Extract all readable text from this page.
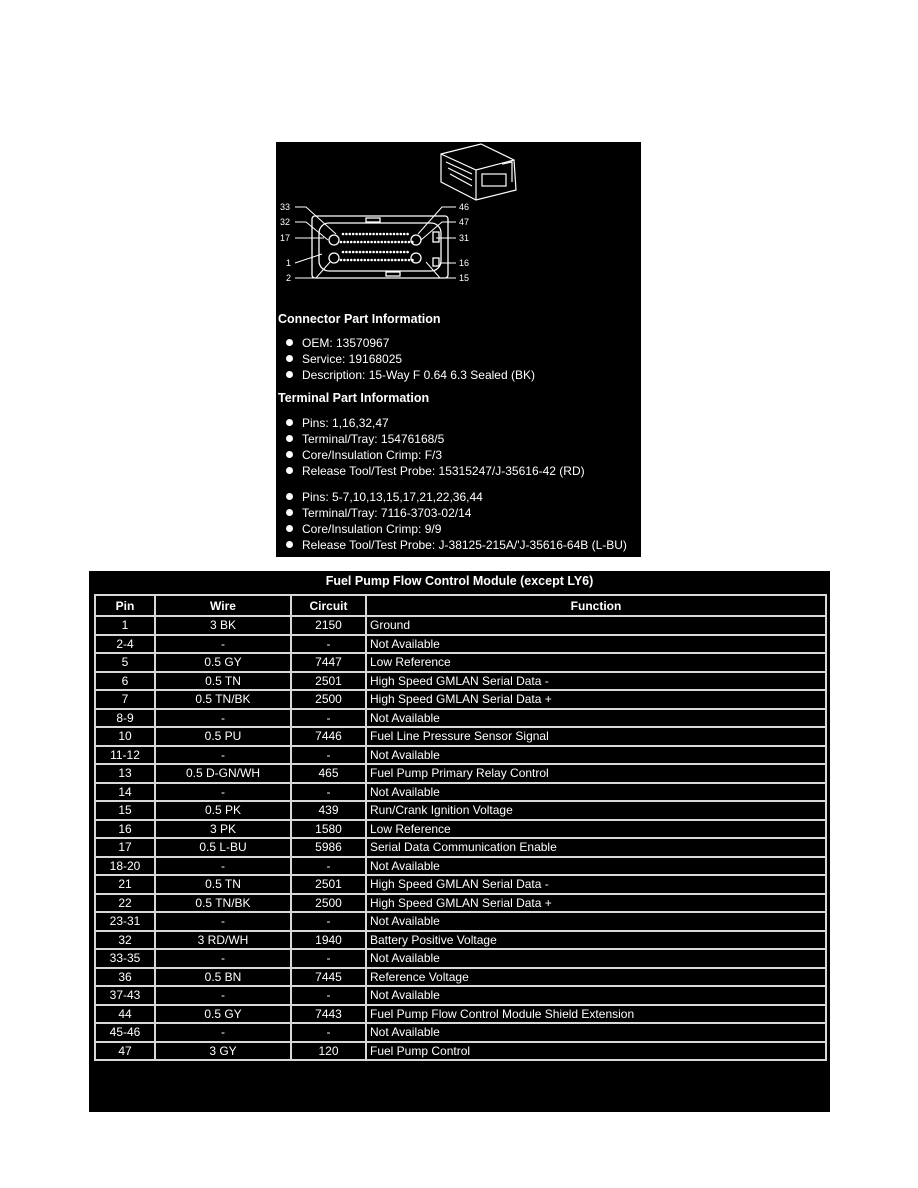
33
32
17
1
2
46
47
31
16
15
Connector Part Information
OEM: 13570967
Service: 19168025
Description: 15-Way F 0.64 6.3 Sealed (BK)
Terminal Part Information
Pins: 1,16,32,47
Terminal/Tray: 15476168/5
Core/Insulation Crimp: F/3
Release Tool/Test Probe: 15315247/J-35616-42 (RD)
Pins: 5-7,10,13,15,17,21,22,36,44
Terminal/Tray: 7116-3703-02/14
Core/Insulation Crimp: 9/9
Release Tool/Test Probe: J-38125-215A/'J-35616-64B (L-BU)
Fuel Pump Flow Control Module (except LY6)
Pin	Wire	Circuit	Function
1	3 BK	2150	Ground
2-4	-	-	Not Available
5	0.5 GY	7447	Low Reference
6	0.5 TN	2501	High Speed GMLAN Serial Data -
7	0.5 TN/BK	2500	High Speed GMLAN Serial Data +
8-9	-	-	Not Available
10	0.5 PU	7446	Fuel Line Pressure Sensor Signal
11-12	-	-	Not Available
13	0.5 D-GN/WH	465	Fuel Pump Primary Relay Control
14	-	-	Not Available
15	0.5 PK	439	Run/Crank Ignition Voltage
16	3 PK	1580	Low Reference
17	0.5 L-BU	5986	Serial Data Communication Enable
18-20	-	-	Not Available
21	0.5 TN	2501	High Speed GMLAN Serial Data -
22	0.5 TN/BK	2500	High Speed GMLAN Serial Data +
23-31	-	-	Not Available
32	3 RD/WH	1940	Battery Positive Voltage
33-35	-	-	Not Available
36	0.5 BN	7445	Reference Voltage
37-43	-	-	Not Available
44	0.5 GY	7443	Fuel Pump Flow Control Module Shield Extension
45-46	-	-	Not Available
47	3 GY	120	Fuel Pump Control
